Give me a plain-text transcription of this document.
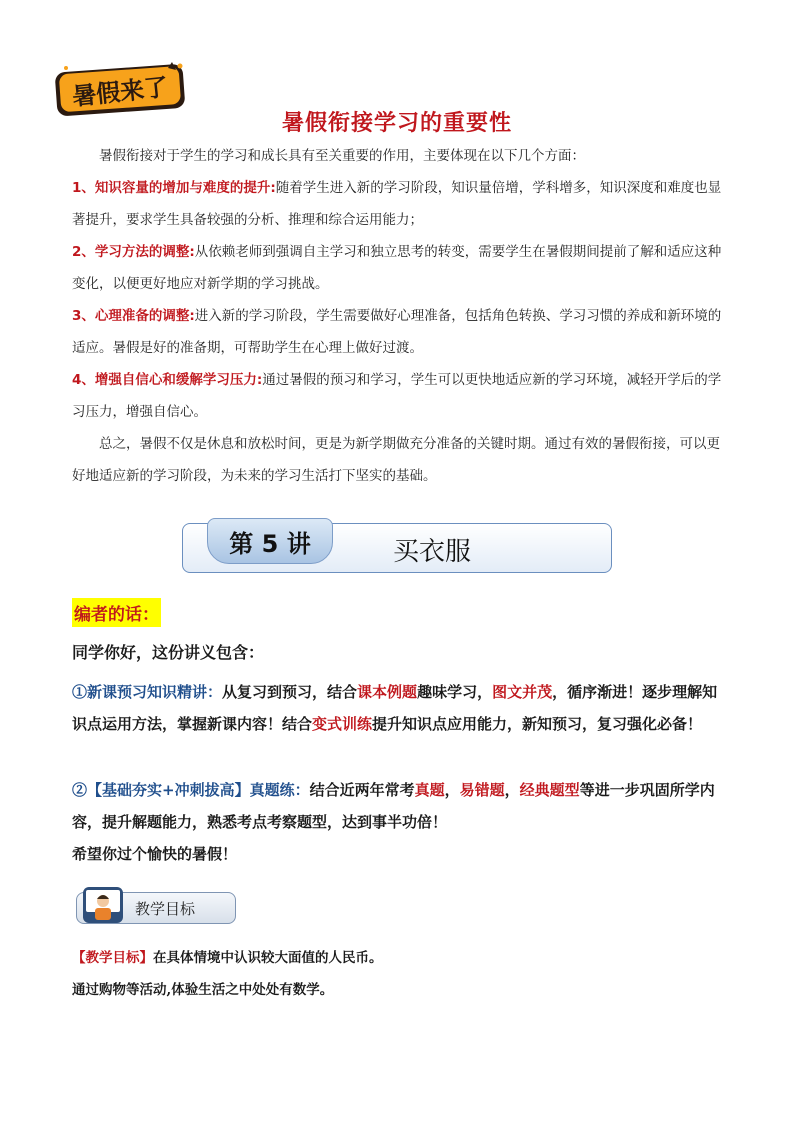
暑假来了
暑假衔接学习的重要性

暑假衔接对于学生的学习和成长具有至关重要的作用，主要体现在以下几个方面：

1、知识容量的增加与难度的提升:随着学生进入新的学习阶段，知识量倍增，学科增多，知识深度和难度也显著提升，要求学生具备较强的分析、推理和综合运用能力；

2、学习方法的调整:从依赖老师到强调自主学习和独立思考的转变，需要学生在暑假期间提前了解和适应这种变化，以便更好地应对新学期的学习挑战。

3、心理准备的调整:进入新的学习阶段，学生需要做好心理准备，包括角色转换、学习习惯的养成和新环境的适应。暑假是好的准备期，可帮助学生在心理上做好过渡。

4、增强自信心和缓解学习压力:通过暑假的预习和学习，学生可以更快地适应新的学习环境，减轻开学后的学习压力，增强自信心。

总之，暑假不仅是休息和放松时间，更是为新学期做充分准备的关键时期。通过有效的暑假衔接，可以更好地适应新的学习阶段，为未来的学习生活打下坚实的基础。

第 5 讲	买衣服
编者的话：
同学你好，这份讲义包含：
①新课预习知识精讲：从复习到预习，结合课本例题趣味学习，图文并茂，循序渐进！逐步理解知识点运用方法，掌握新课内容！结合变式训练提升知识点应用能力，新知预习，复习强化必备！
②【基础夯实+冲刺拔高】真题练：结合近两年常考真题，易错题，经典题型等进一步巩固所学内容，提升解题能力，熟悉考点考察题型，达到事半功倍！
希望你过个愉快的暑假！
教学目标
【教学目标】在具体情境中认识较大面值的人民币。
通过购物等活动,体验生活之中处处有数学。
